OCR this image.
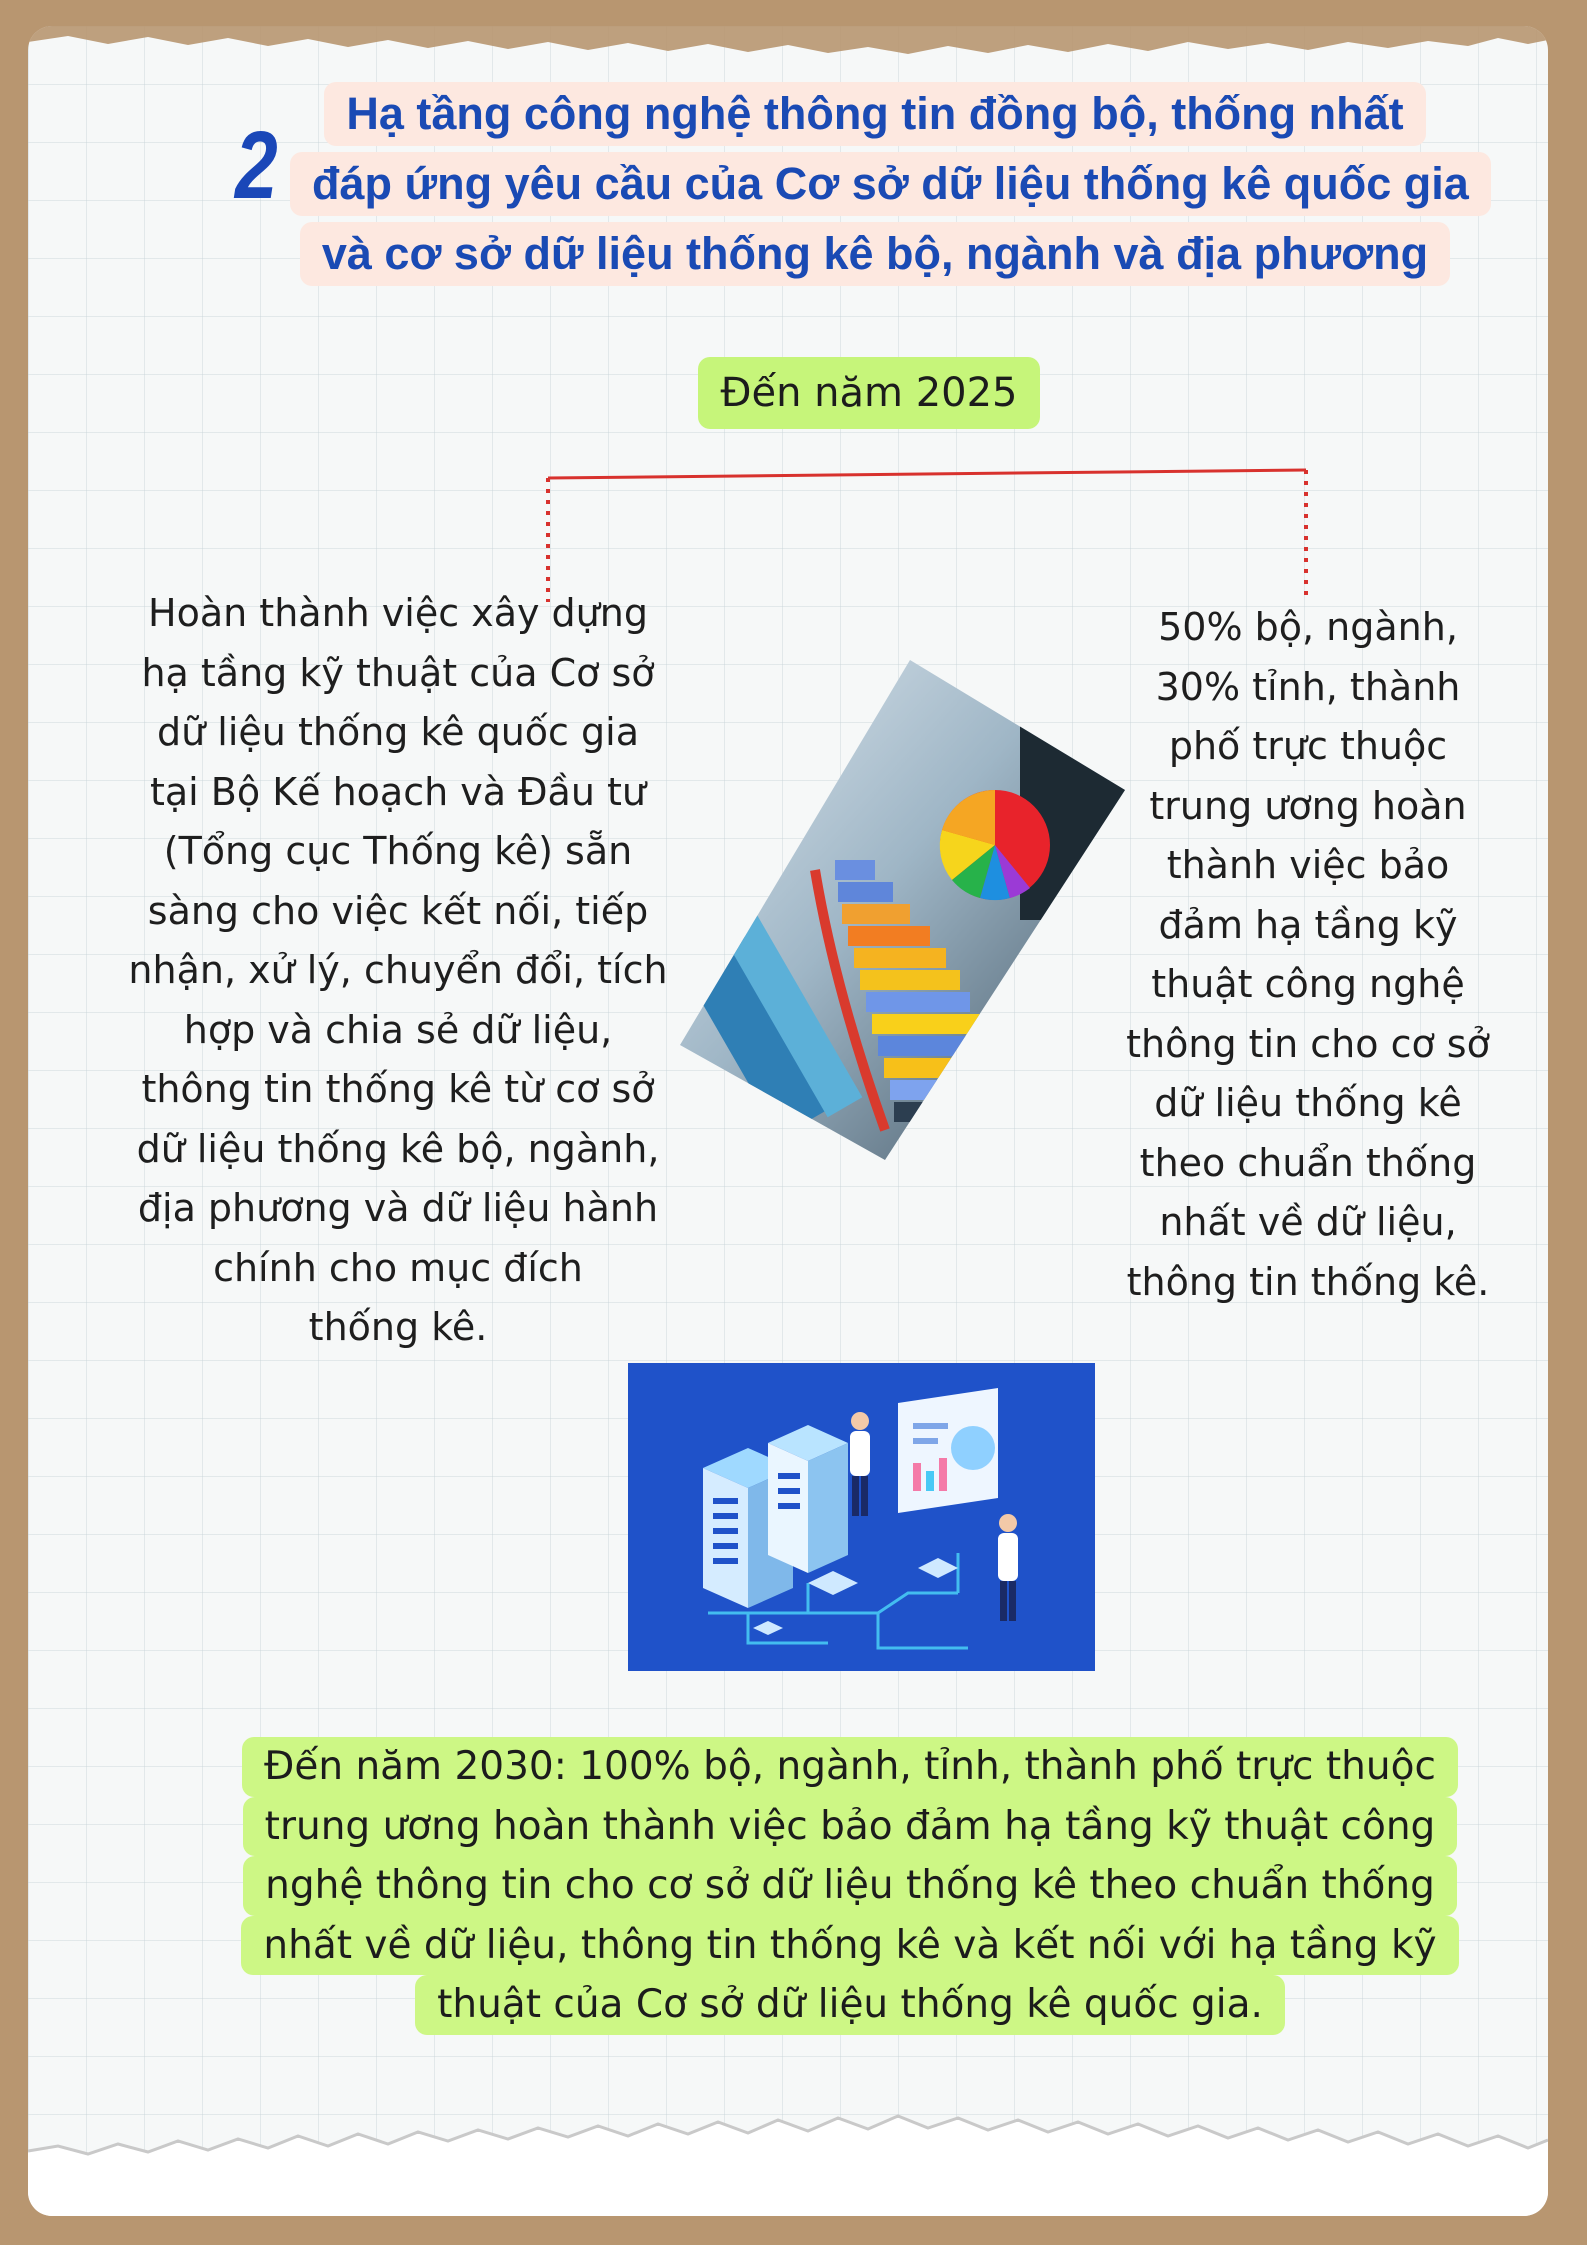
2	Hạ tầng công nghệ thông tin đồng bộ, thống nhất
đáp ứng yêu cầu của Cơ sở dữ liệu thống kê quốc gia
và cơ sở dữ liệu thống kê bộ, ngành và địa phương
Đến năm 2025
Hoàn thành việc xây dựng
hạ tầng kỹ thuật của Cơ sở
dữ liệu thống kê quốc gia
tại Bộ Kế hoạch và Đầu tư
(Tổng cục Thống kê) sẵn
sàng cho việc kết nối, tiếp
nhận, xử lý, chuyển đổi, tích
hợp và chia sẻ dữ liệu,
thông tin thống kê từ cơ sở
dữ liệu thống kê bộ, ngành,
địa phương và dữ liệu hành
chính cho mục đích
thống kê.
50% bộ, ngành,
30% tỉnh, thành
phố trực thuộc
trung ương hoàn
thành việc bảo
đảm hạ tầng kỹ
thuật công nghệ
thông tin cho cơ sở
dữ liệu thống kê
theo chuẩn thống
nhất về dữ liệu,
thông tin thống kê.
Đến năm 2030: 100% bộ, ngành, tỉnh, thành phố trực thuộc
trung ương hoàn thành việc bảo đảm hạ tầng kỹ thuật công
nghệ thông tin cho cơ sở dữ liệu thống kê theo chuẩn thống
nhất về dữ liệu, thông tin thống kê và kết nối với hạ tầng kỹ
thuật của Cơ sở dữ liệu thống kê quốc gia.
